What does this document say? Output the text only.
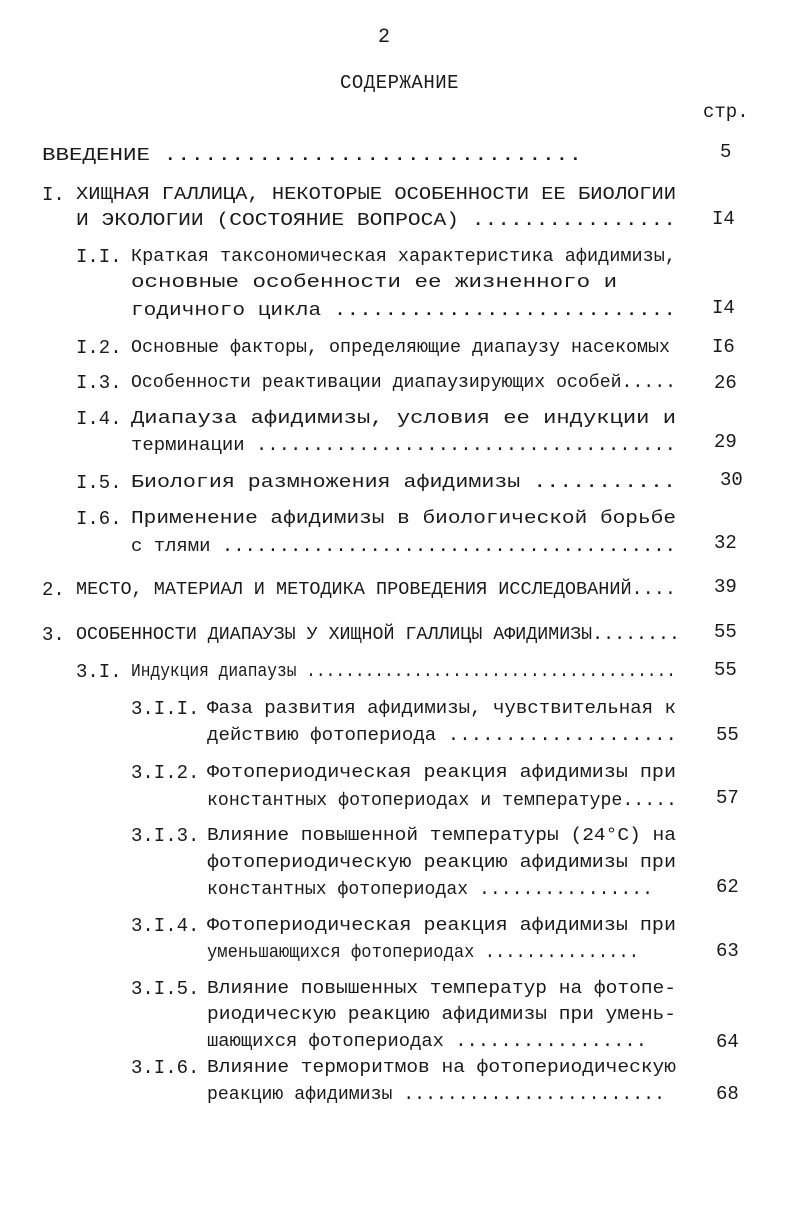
2
СОДЕРЖАНИЕ
стр.
ВВЕДЕНИЕ ...............................	5
I. ХИЩНАЯ ГАЛЛИЦА, НЕКОТОРЫЕ ОСОБЕННОСТИ ЕЕ БИОЛОГИИ
И ЭКОЛОГИИ (СОСТОЯНИЕ ВОПРОСА) ................ I4
I.I. Краткая таксономическая характеристика афидимизы,
основные особенности ее жизненного и
годичного цикла ........................... I4
I.2. Основные факторы, определяющие диапаузу насекомых I6
I.3. Особенности реактивации диапаузирующих особей..... 26
I.4. Диапауза афидимизы, условия ее индукции и
терминации ..................................... 29
I.5. Биология размножения афидимизы ........... 30
I.6. Применение афидимизы в биологической борьбе
с тлями ........................................ 32
2. МЕСТО, МАТЕРИАЛ И МЕТОДИКА ПРОВЕДЕНИЯ ИССЛЕДОВАНИЙ.... 39
3. ОСОБЕННОСТИ ДИАПАУЗЫ У ХИЩНОЙ ГАЛЛИЦЫ АФИДИМИЗЫ........ 55
3.I. Индукция диапаузы ...................................... 55
3.I.I. Фаза развития афидимизы, чувствительная к
действию фотопериода .................... 55
3.I.2. Фотопериодическая реакция афидимизы при
константных фотопериодах и температуре..... 57
3.I.3. Влияние повышенной температуры (24°С) на
фотопериодическую реакцию афидимизы при
константных фотопериодах ................	62
3.I.4. Фотопериодическая реакция афидимизы при
уменьшающихся фотопериодах ...............	63
3.I.5. Влияние повышенных температур на фотопе-
риодическую реакцию афидимизы при умень-
шающихся фотопериодах .................	64
3.I.6. Влияние терморитмов на фотопериодическую
реакцию афидимизы ........................	68
